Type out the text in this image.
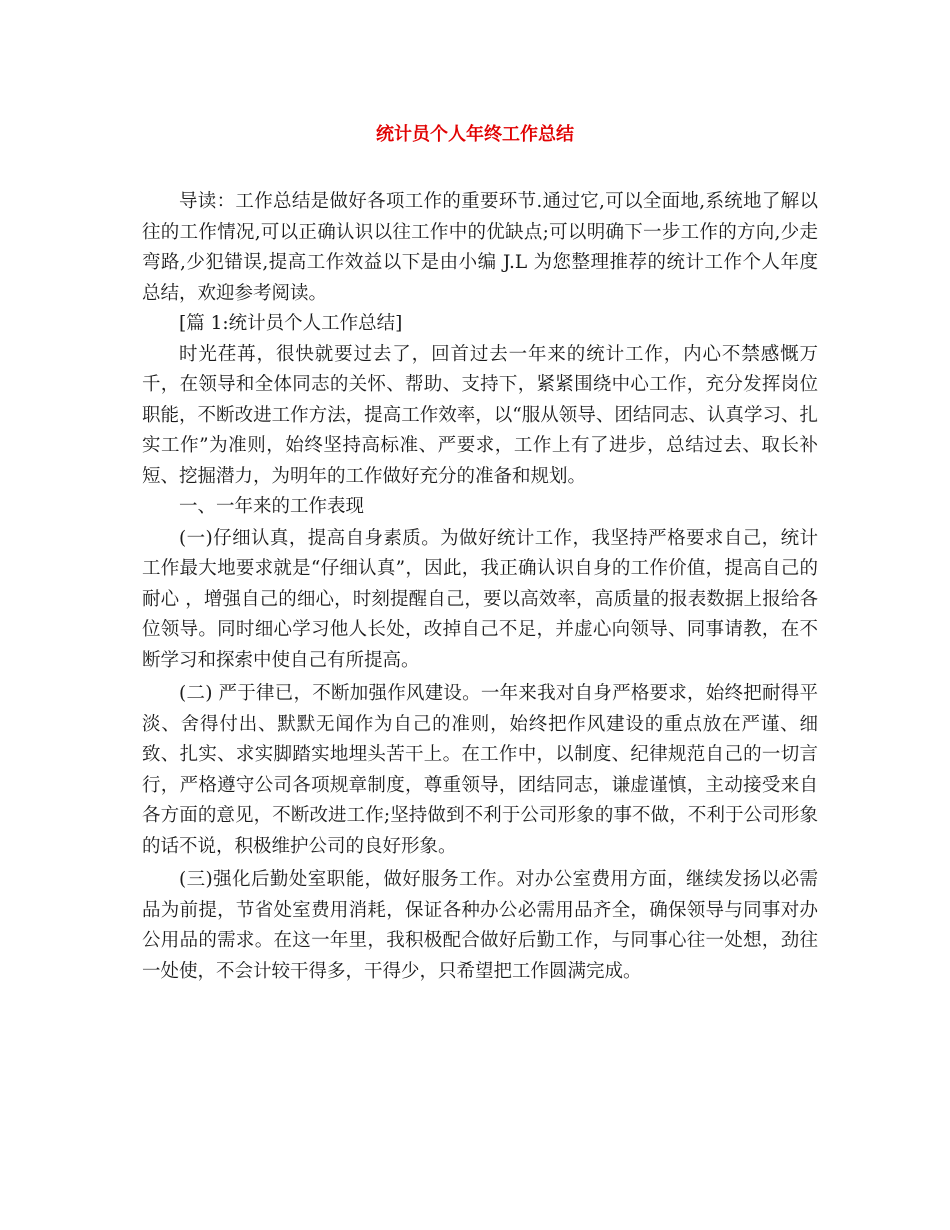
统计员个人年终工作总结

导读：工作总结是做好各项工作的重要环节.通过它,可以全面地,系统地了解以往的工作情况,可以正确认识以往工作中的优缺点;可以明确下一步工作的方向,少走弯路,少犯错误,提高工作效益以下是由小编 J.L 为您整理推荐的统计工作个人年度总结，欢迎参考阅读。

[篇 1:统计员个人工作总结]

时光荏苒，很快就要过去了，回首过去一年来的统计工作，内心不禁感慨万千，在领导和全体同志的关怀、帮助、支持下，紧紧围绕中心工作，充分发挥岗位职能，不断改进工作方法，提高工作效率，以“服从领导、团结同志、认真学习、扎实工作”为准则，始终坚持高标准、严要求，工作上有了进步，总结过去、取长补短、挖掘潜力，为明年的工作做好充分的准备和规划。

一、一年来的工作表现

(一)仔细认真，提高自身素质。为做好统计工作，我坚持严格要求自己，统计工作最大地要求就是“仔细认真”，因此，我正确认识自身的工作价值，提高自己的耐心 ，增强自己的细心，时刻提醒自己，要以高效率，高质量的报表数据上报给各位领导。同时细心学习他人长处，改掉自己不足，并虚心向领导、同事请教，在不断学习和探索中使自己有所提高。

(二) 严于律已，不断加强作风建设。一年来我对自身严格要求，始终把耐得平淡、舍得付出、默默无闻作为自己的准则，始终把作风建设的重点放在严谨、细致、扎实、求实脚踏实地埋头苦干上。在工作中，以制度、纪律规范自己的一切言行，严格遵守公司各项规章制度，尊重领导，团结同志，谦虚谨慎，主动接受来自各方面的意见，不断改进工作;坚持做到不利于公司形象的事不做，不利于公司形象的话不说，积极维护公司的良好形象。

(三)强化后勤处室职能，做好服务工作。对办公室费用方面，继续发扬以必需品为前提，节省处室费用消耗，保证各种办公必需用品齐全，确保领导与同事对办公用品的需求。在这一年里，我积极配合做好后勤工作，与同事心往一处想，劲往一处使，不会计较干得多，干得少，只希望把工作圆满完成。
